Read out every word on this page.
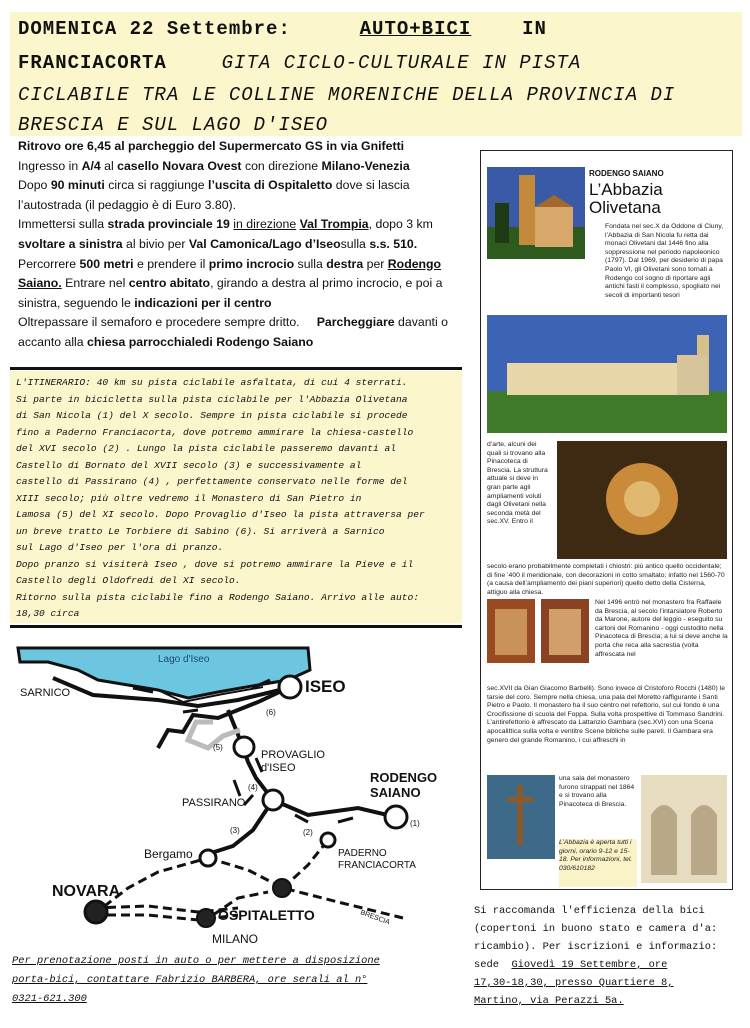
DOMENICA 22 Settembre:	AUTO+BICI	IN
FRANCIACORTA	GITA CICLO-CULTURALE IN PISTA
CICLABILE TRA LE COLLINE MORENICHE DELLA PROVINCIA DI
BRESCIA E SUL LAGO D'ISEO

Ritrovo ore 6,45 al parcheggio del Supermercato GS in via Gnifetti

Ingresso in A/4 al casello Novara Ovest con direzione Milano-Venezia

Dopo 90 minuti circa si raggiunge l’uscita di Ospitaletto dove si lascia

l’autostrada (il pedaggio è di Euro 3.80).

Immettersi sulla strada provinciale 19 in direzione Val Trompia, dopo 3 km

svoltare a sinistra al bivio per Val Camonica/Lago d’Iseosulla s.s. 510.

Percorrere 500 metri e prendere il primo incrocio sulla destra per Rodengo

Saiano. Entrare nel centro abitato, girando a destra al primo incrocio, e poi a

sinistra, seguendo le indicazioni per il centro

Oltrepassare il semaforo e procedere sempre dritto. Parcheggiare davanti o

accanto alla chiesa parrocchialedi Rodengo Saiano

L'ITINERARIO: 40 km su pista ciclabile asfaltata, di cui 4 sterrati.

Si parte in bicicletta sulla pista ciclabile per l'Abbazia Olivetana

di San Nicola (1) del X secolo. Sempre in pista ciclabile si procede

fino a Paderno Franciacorta, dove potremo ammirare la chiesa-castello

del XVI secolo (2) . Lungo la pista ciclabile passeremo davanti al

Castello di Bornato del XVII secolo (3) e successivamente al

castello di Passirano (4) , perfettamente conservato nelle forme del

XIII secolo; più oltre vedremo il Monastero di San Pietro in

Lamosa (5) del XI secolo. Dopo Provaglio d'Iseo la pista attraversa per

un breve tratto Le Torbiere di Sabino (6). Si arriverà a Sarnico

sul Lago d'Iseo per l'ora di pranzo.

Dopo pranzo si visiterà Iseo , dove si potremo ammirare la Pieve e il

Castello degli Oldofredi del XI secolo.

Ritorno sulla pista ciclabile fino a Rodengo Saiano. Arrivo alle auto:

18,30 circa

Lago d'Iseo
SARNICO	ISEO
PROVAGLIO
d'ISEO
RODENGO
SAIANO
PASSIRANO
PADERNO
FRANCIACORTA
Bergamo
NOVARA
OSPITALETTO
MILANO
BRESCIA
(1)
(2)
(3)
(4)
(5)
(6)
RODENGO SAIANO
L’Abbazia
Olivetana
Fondata nel sec.X da Oddone di Cluny, l’Abbazia di San Nicola fu retta dai monaci Olivetani dal 1446 fino alla soppressione nel periodo napoleonico (1797). Dal 1969, per desiderio di papa Paolo VI, gli Olivetani sono tornati a Rodengo col sogno di riportare agli antichi fasti il complesso, spogliato nei secoli di importanti tesori
d’arte, alcuni dei quali si trovano alla Pinacoteca di Brescia. La struttura attuale si deve in gran parte agli ampliamenti voluti dagli Olivetani nella seconda metà del sec.XV. Entro il
secolo erano probabilmente completati i chiostri: più antico quello occidentale; di fine ’400 il meridionale, con decorazioni in cotto smaltato; infatto nel 1560-70 (a causa dell’ampliamento dei piani superiori) quello detto della Cisterna, attiguo alla chiesa.
Nel 1496 entrò nel monastero fra Raffaele da Brescia, al secolo l’intarsiatore Roberto da Marone, autore del leggio - eseguito su cartoni del Romanino - oggi custodito nella Pinacoteca di Brescia; a lui si deve anche la porta che reca alla sacrestia (volta affrescata nel
sec.XVII da Gian Giacomo Barbelli). Sono invece di Cristoforo Rocchi (1480) le tarsie del coro. Sempre nella chiesa, una pala del Moretto raffigurante i Santi Pietro e Paolo. Il monastero ha il suo centro nel refettorio, sul cui fondo è una Crocifissione di scuola del Foppa. Sulla volta prospettive di Tommaso Sandrini. L’antirefettorio è affrescato da Lattanzio Gambara (sec.XVI) con una Scena apocalittica sulla volta e ventitre Scene bibliche sulle pareti. Il Gambara era genero del grande Romanino, i cui affreschi in
una sala del monastero furono strappati nel 1864 e si trovano alla Pinacoteca di Brescia.
L’Abbazia è aperta tutti i giorni, orario 9-12 e 15-18. Per informazioni, tel. 030/610182

Si raccomanda l'efficienza della bici

(copertoni in buono stato e camera d'a:

ricambio). Per iscrizioni e informazio:

sede Giovedì 19 Settembre, ore

17,30-18,30, presso Quartiere 8,

Martino, via Perazzi 5a.

Per prenotazione posti in auto o per mettere a disposizione

porta-bici, contattare Fabrizio BARBERA, ore serali al n°

0321-621.300
